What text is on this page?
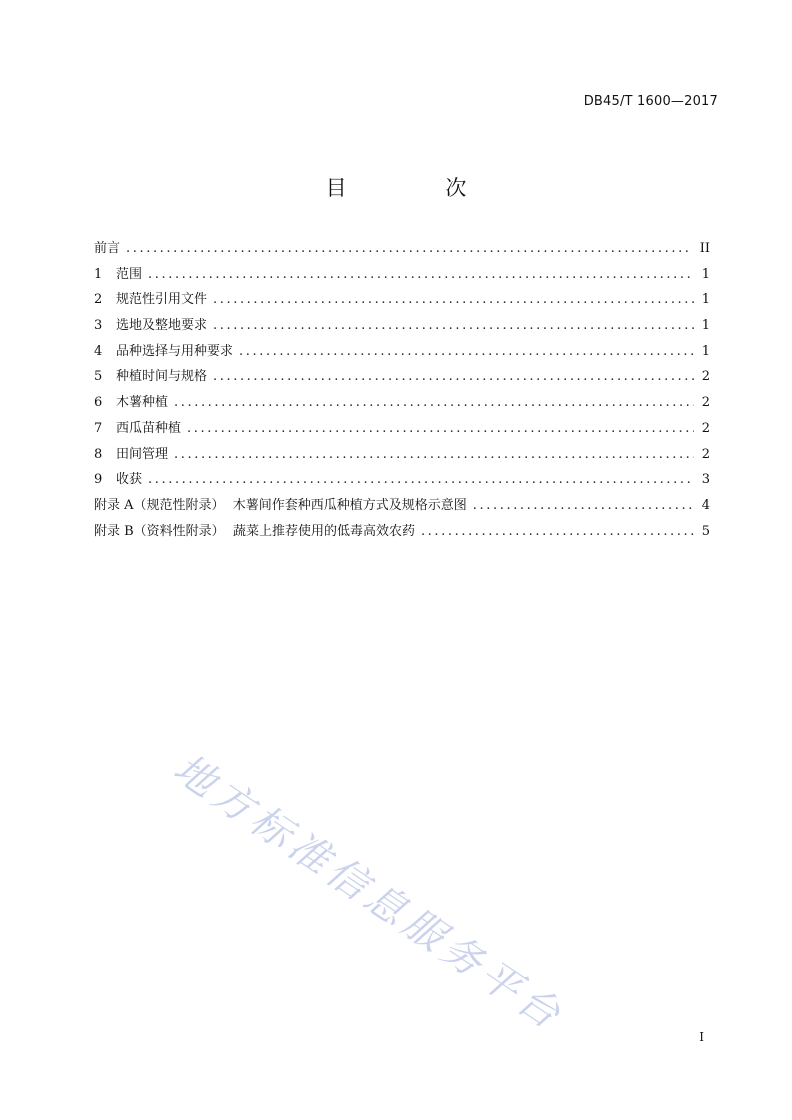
DB45/T 1600—2017
目 次
前言 .....	II
1	范围 .....	1
2	规范性引用文件 .....	1
3	选地及整地要求 .....	1
4	品种选择与用种要求 .....	1
5	种植时间与规格 .....	2
6	木薯种植 .....	2
7	西瓜苗种植 .....	2
8	田间管理 .....	2
9	收获 .....	3
附录 A（规范性附录）  木薯间作套种西瓜种植方式及规格示意图 .....	4
附录 B（资料性附录）  蔬菜上推荐使用的低毒高效农药 .....	5
地方标准信息服务平台	I
